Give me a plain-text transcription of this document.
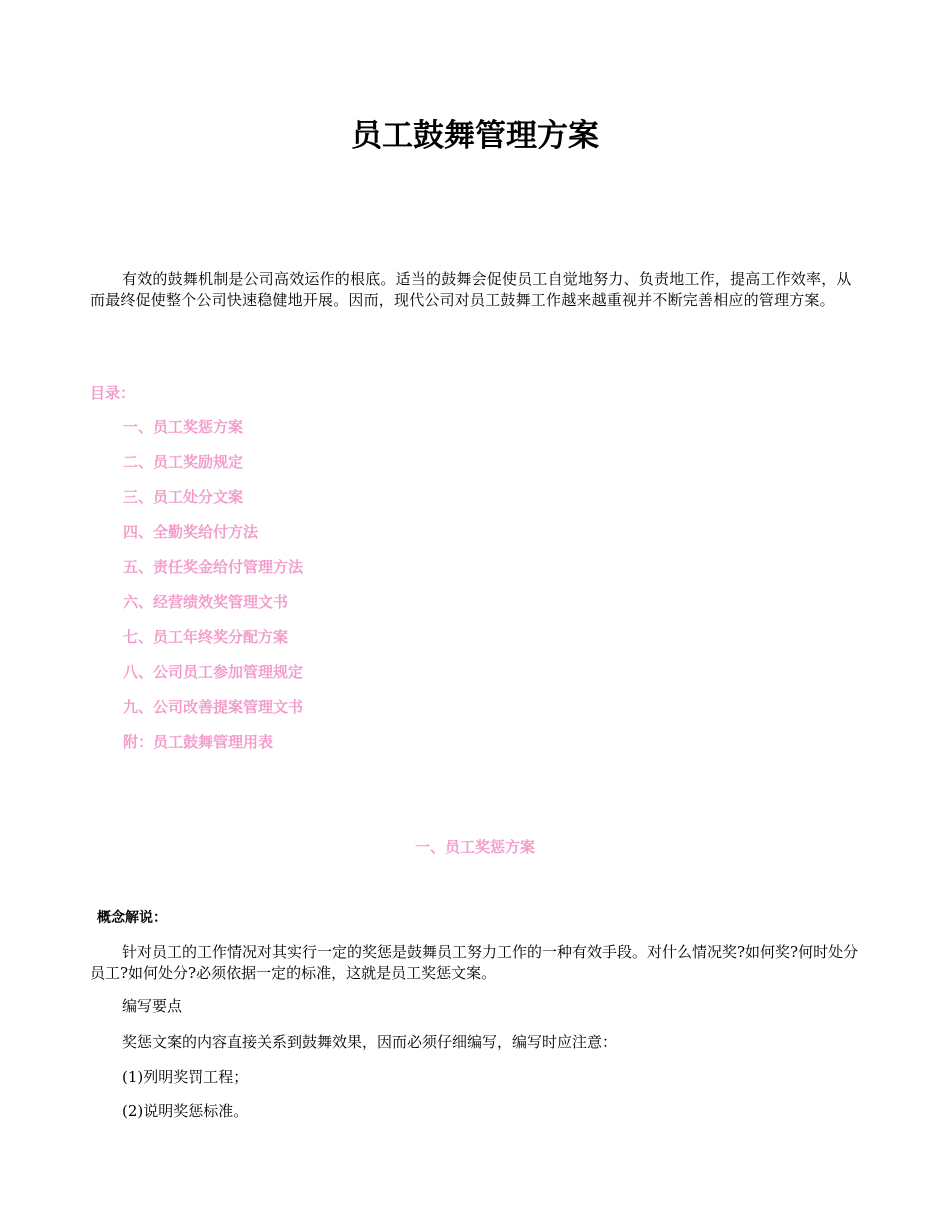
员工鼓舞管理方案

有效的鼓舞机制是公司高效运作的根底。适当的鼓舞会促使员工自觉地努力、负责地工作，提高工作效率，从而最终促使整个公司快速稳健地开展。因而，现代公司对员工鼓舞工作越来越重视并不断完善相应的管理方案。

目录：
一、员工奖惩方案
二、员工奖励规定
三、员工处分文案
四、全勤奖给付方法
五、责任奖金给付管理方法
六、经营绩效奖管理文书
七、员工年终奖分配方案
八、公司员工参加管理规定
九、公司改善提案管理文书
附：员工鼓舞管理用表
一、员工奖惩方案
概念解说：

针对员工的工作情况对其实行一定的奖惩是鼓舞员工努力工作的一种有效手段。对什么情况奖?如何奖?何时处分员工?如何处分?必须依据一定的标准，这就是员工奖惩文案。

编写要点

奖惩文案的内容直接关系到鼓舞效果，因而必须仔细编写，编写时应注意：

(1)列明奖罚工程；

(2)说明奖惩标准。
